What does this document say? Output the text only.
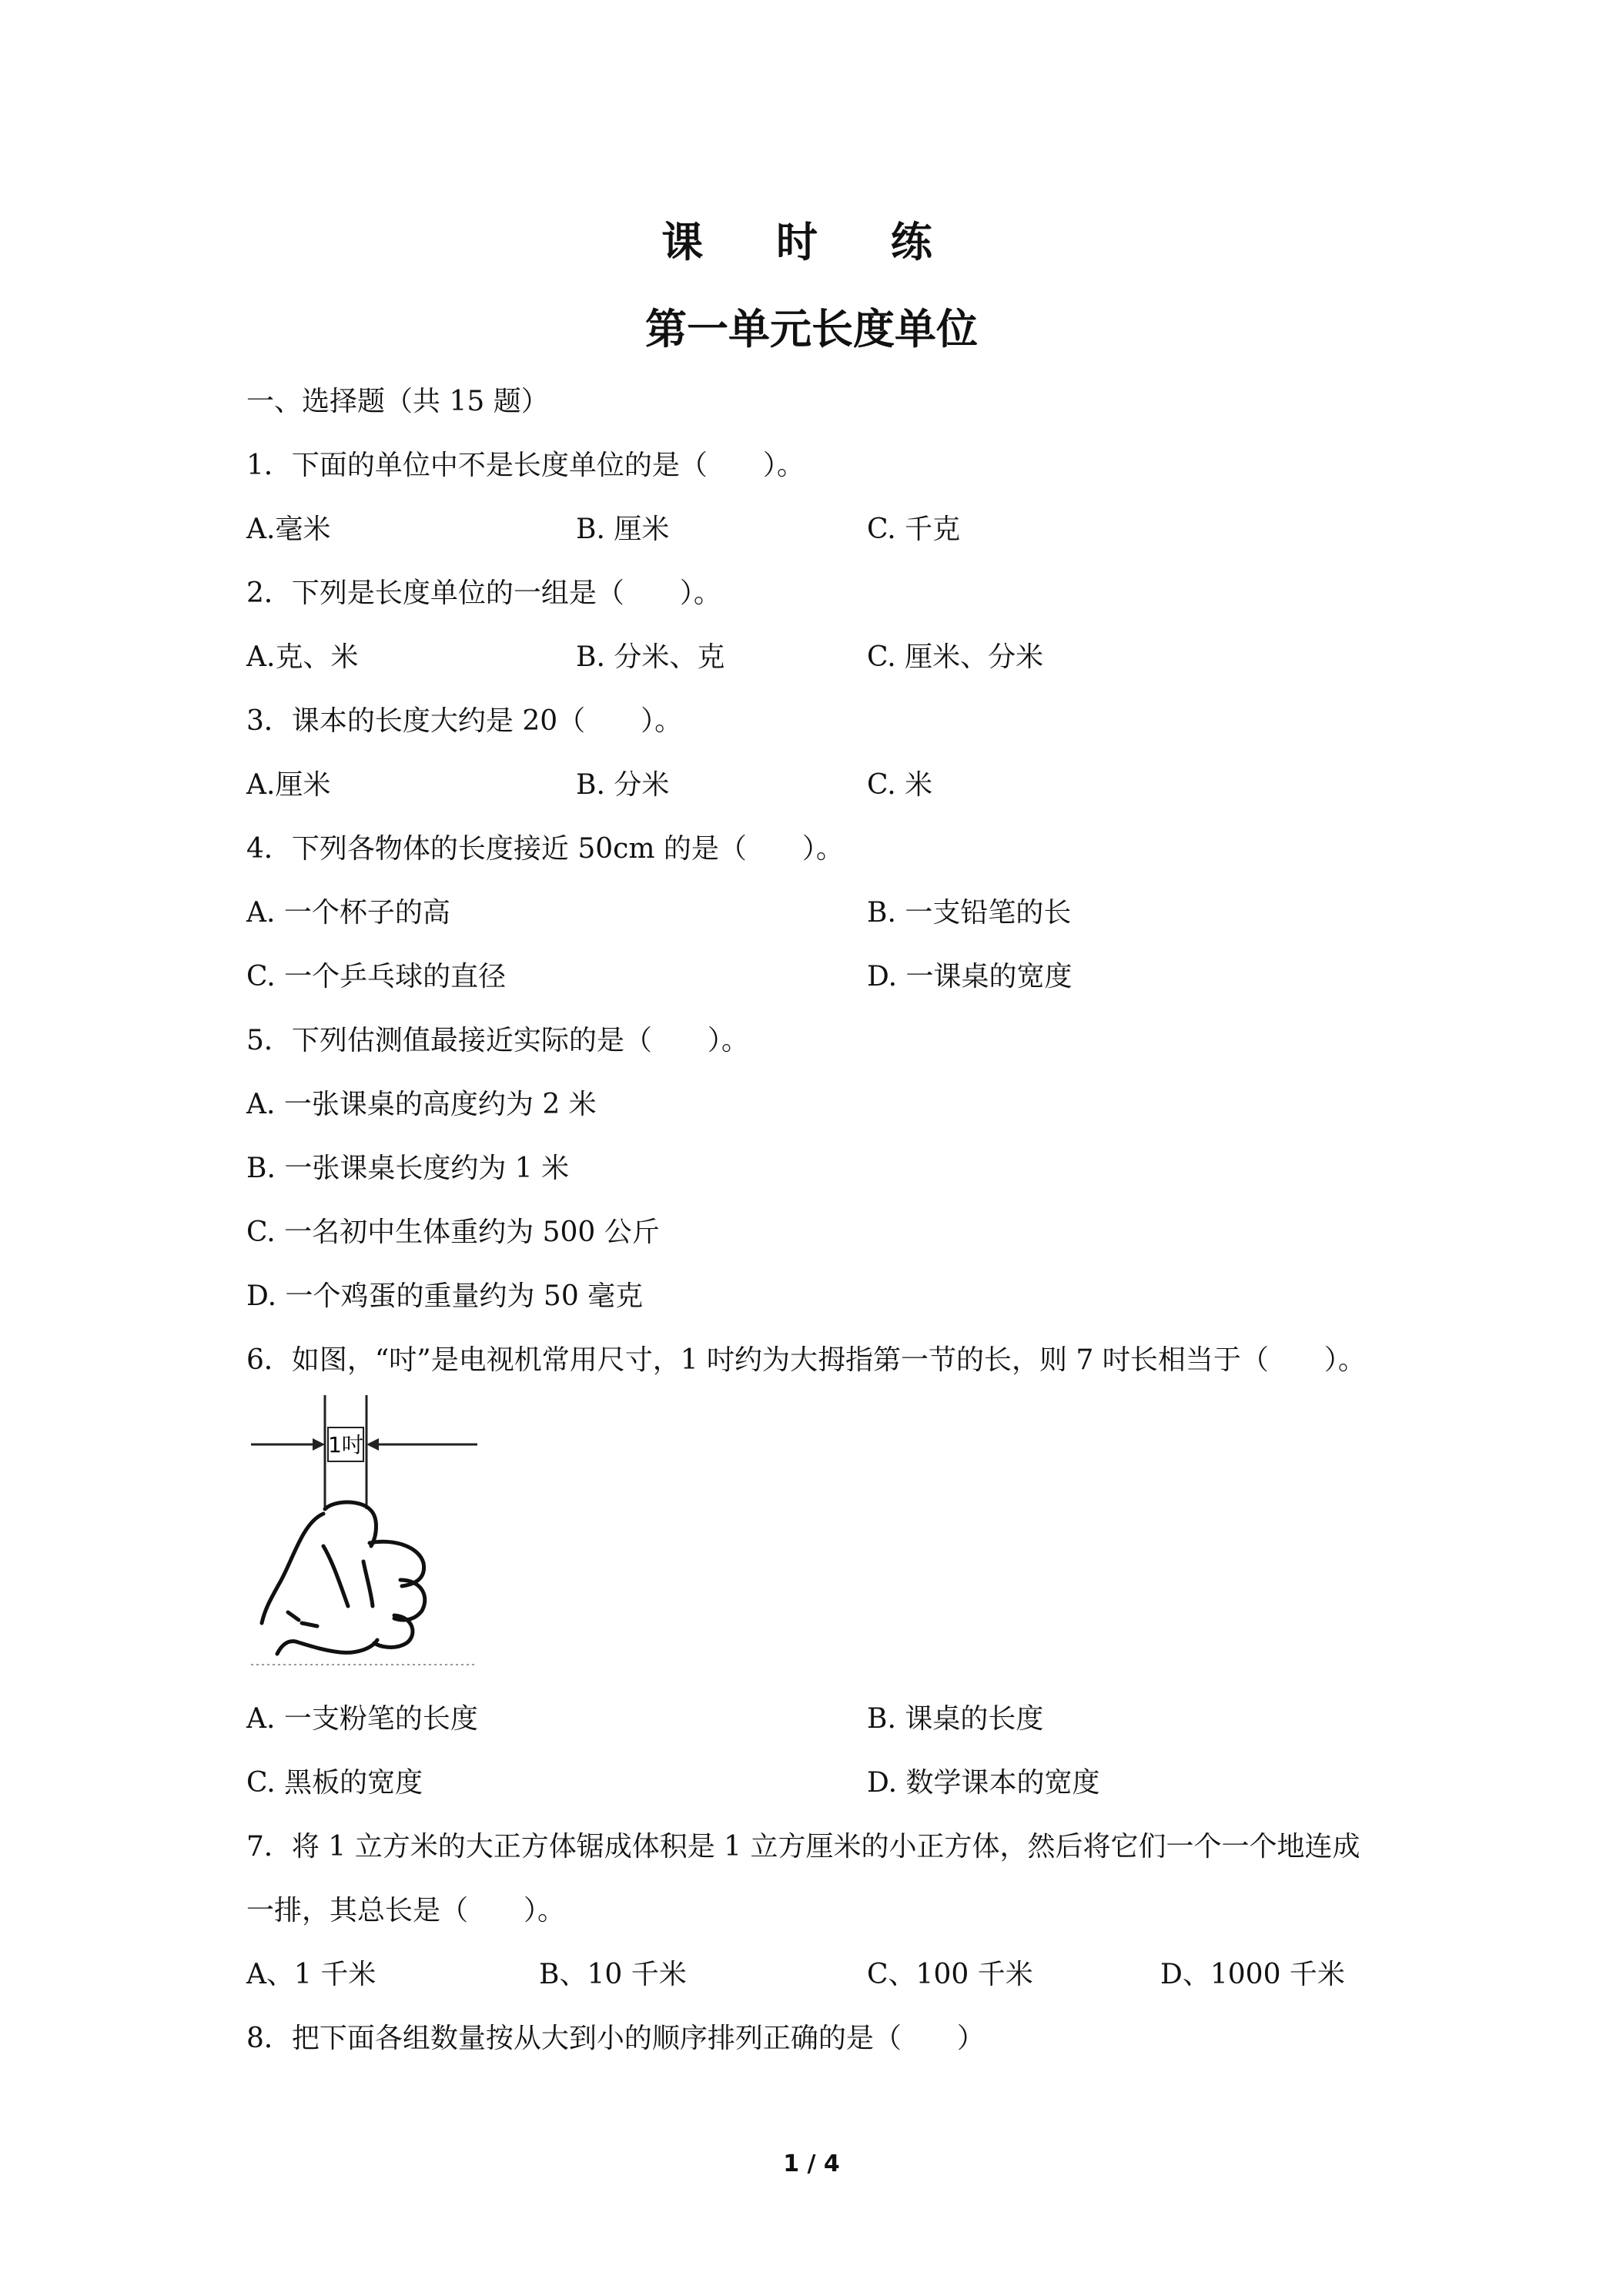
课 时 练
第一单元长度单位
一、选择题（共 15 题）
1．下面的单位中不是长度单位的是（　　）。
A.毫米	B. 厘米	C. 千克
2．下列是长度单位的一组是（　　）。
A.克、米	B. 分米、克	C. 厘米、分米
3．课本的长度大约是 20（　　）。
A.厘米	B. 分米	C. 米
4．下列各物体的长度接近 50cm 的是（　　）。
A. 一个杯子的高	B. 一支铅笔的长
C. 一个乒乓球的直径	D. 一课桌的宽度
5．下列估测值最接近实际的是（　　）。
A. 一张课桌的高度约为 2 米
B. 一张课桌长度约为 1 米
C. 一名初中生体重约为 500 公斤
D. 一个鸡蛋的重量约为 50 毫克
6．如图，“吋”是电视机常用尺寸，1 吋约为大拇指第一节的长，则 7 吋长相当于（　　）。
1吋
A. 一支粉笔的长度	B. 课桌的长度
C. 黑板的宽度	D. 数学课本的宽度
7．将 1 立方米的大正方体锯成体积是 1 立方厘米的小正方体，然后将它们一个一个地连成
一排，其总长是（　　）。
A、1 千米	B、10 千米	C、100 千米	D、1000 千米
8．把下面各组数量按从大到小的顺序排列正确的是（　　）
1 / 4
